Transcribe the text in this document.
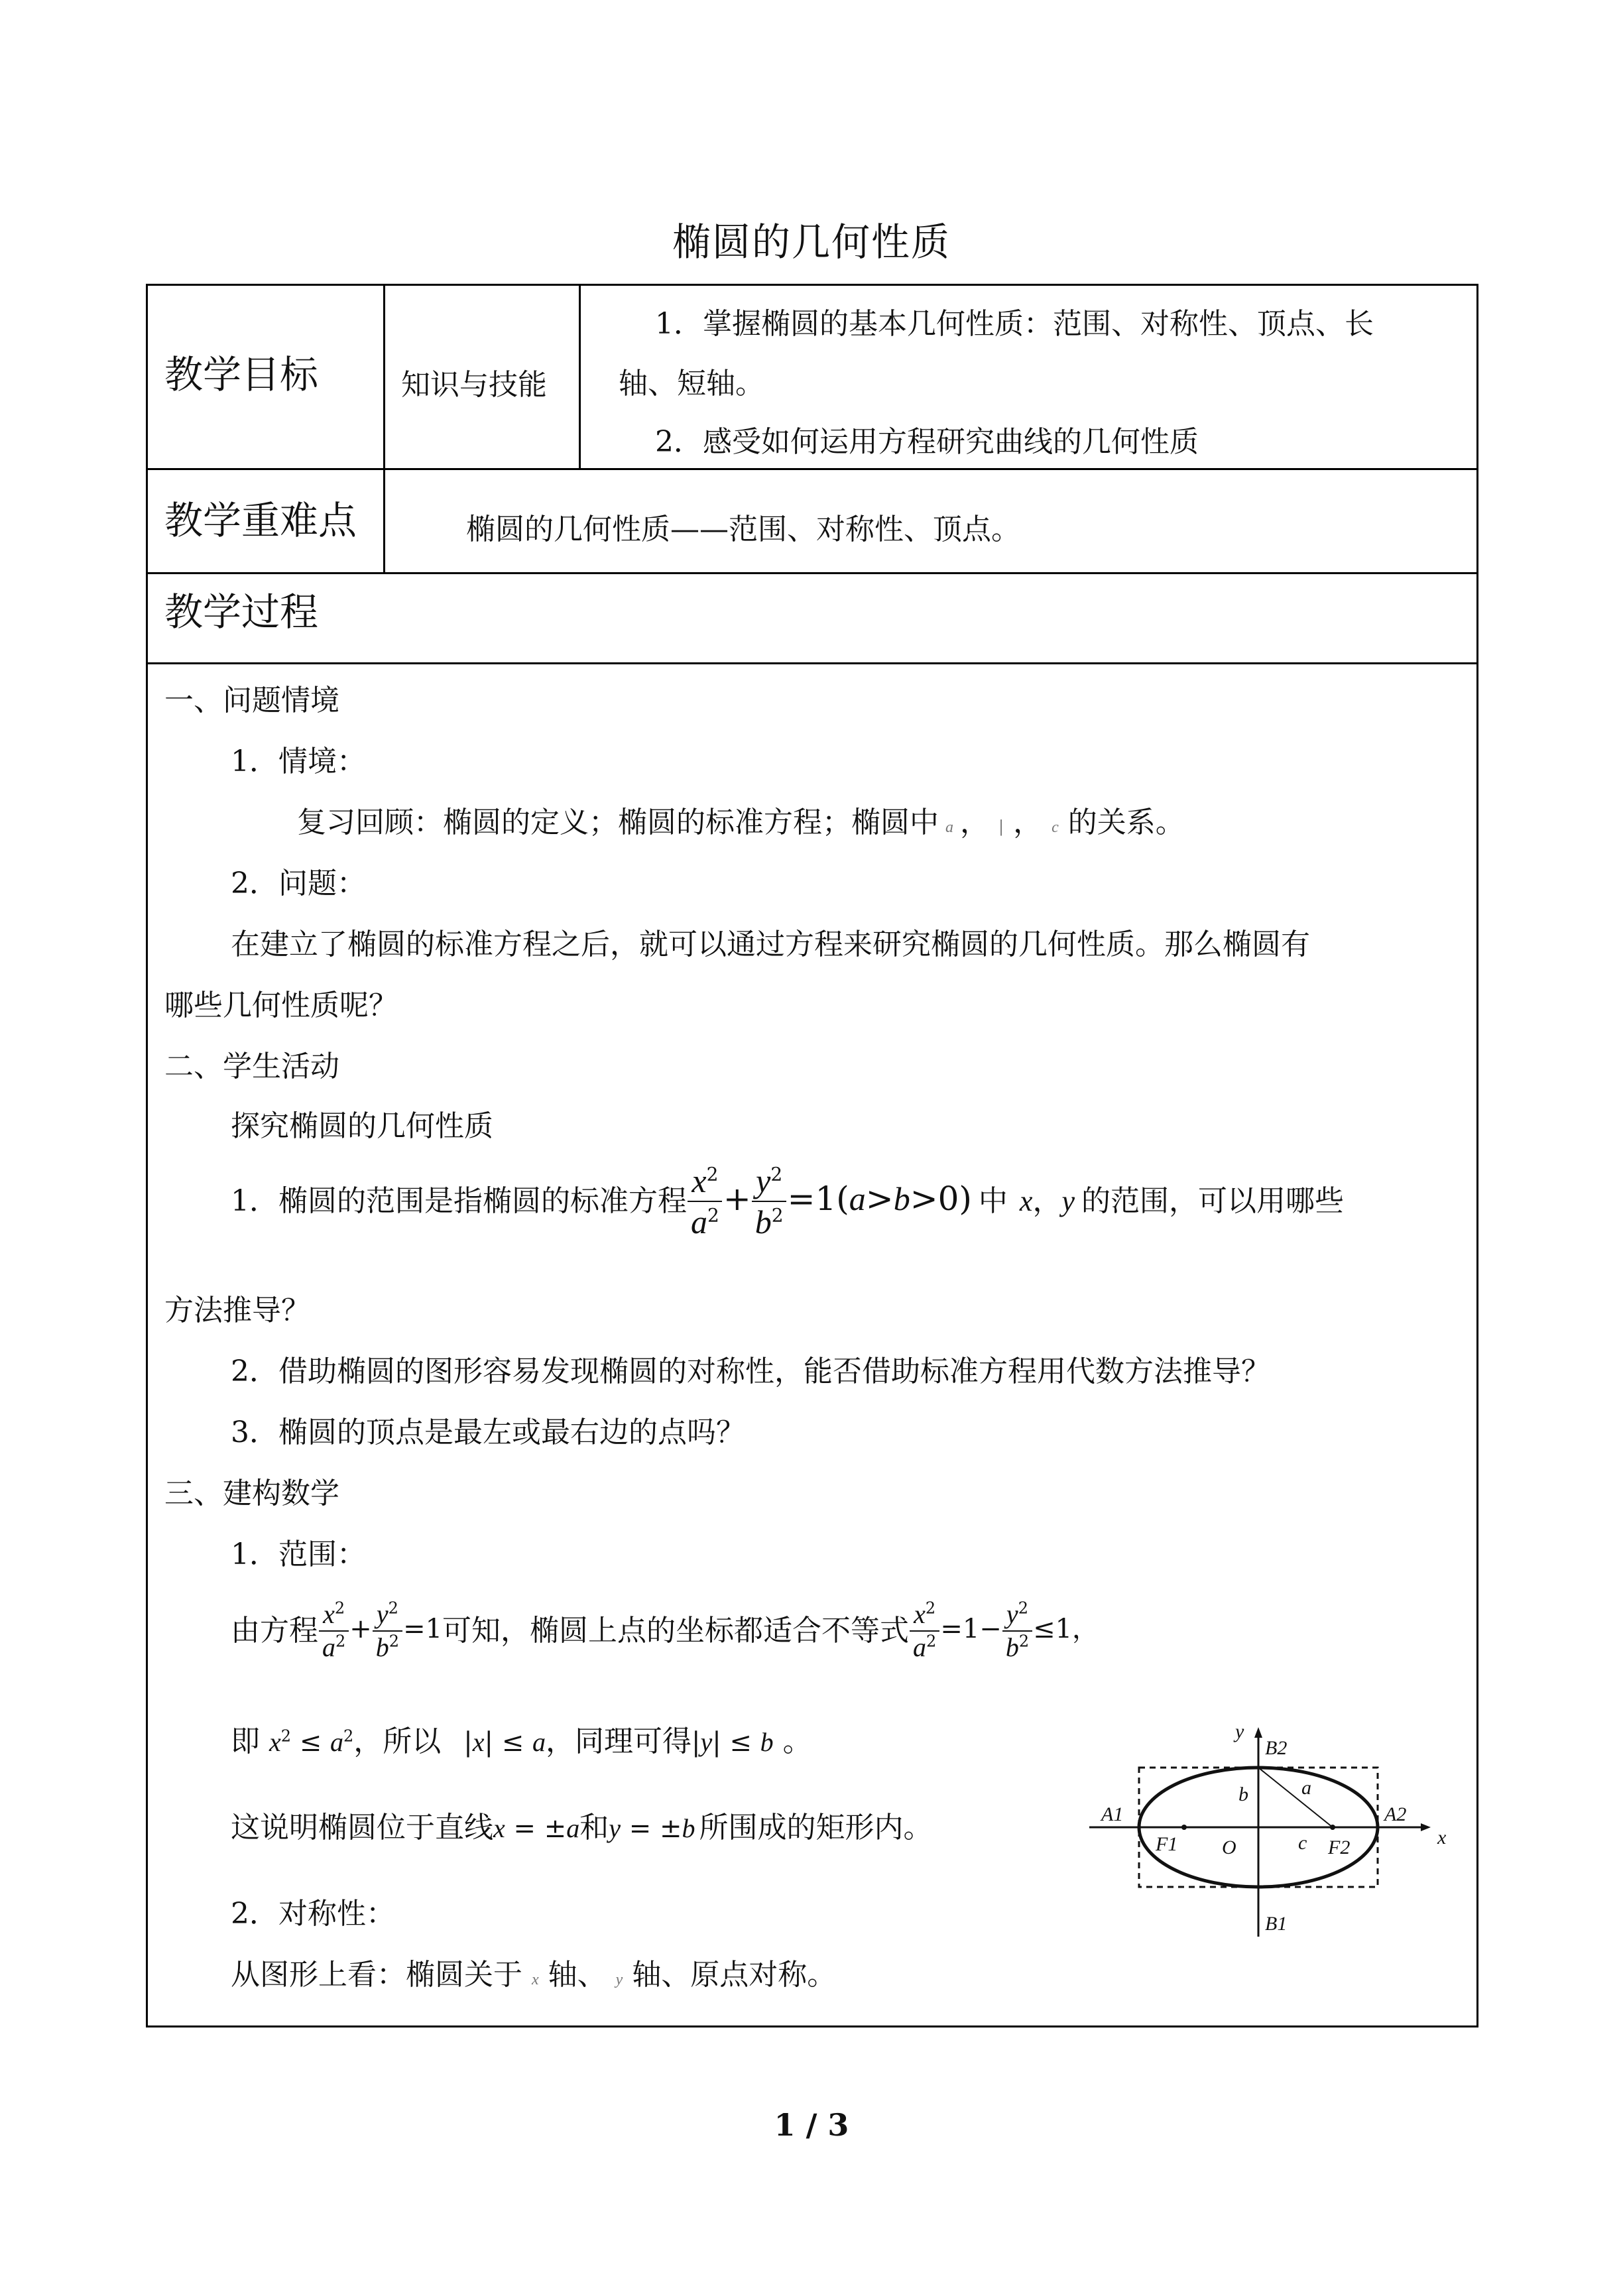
椭圆的几何性质
教学目标	知识与技能
1．掌握椭圆的基本几何性质：范围、对称性、顶点、长
轴、短轴。
2．感受如何运用方程研究曲线的几何性质
教学重难点	椭圆的几何性质——范围、对称性、顶点。
教学过程
一、问题情境
1．情境：
复习回顾：椭圆的定义；椭圆的标准方程；椭圆中 a ， | ， c 的关系。
2．问题：
在建立了椭圆的标准方程之后，就可以通过方程来研究椭圆的几何性质。那么椭圆有
哪些几何性质呢？
二、学生活动
探究椭圆的几何性质
1．椭圆的范围是指椭圆的标准方程 $\frac{x^2}{a^2} + \frac{y^2}{b^2} =1(a>b>0)$ 中 x，y 的范围，可以用哪些
方法推导？
2．借助椭圆的图形容易发现椭圆的对称性，能否借助标准方程用代数方法推导？
3．椭圆的顶点是最左或最右边的点吗？
三、建构数学
1．范围：
由方程 $\frac{x^2}{a^2} + \frac{y^2}{b^2} =1$ 可知，椭圆上点的坐标都适合不等式 $\frac{x^2}{a^2} =1- \frac{y^2}{b^2} \le 1$，
即 $x^2 \le a^2$，所以 |x| ≤ a，同理可得|y| ≤ b 。
这说明椭圆位于直线x = ±a和y = ±b 所围成的矩形内。
2．对称性：
从图形上看：椭圆关于 x 轴、 y 轴、原点对称。
y
x
B2
B1
A1	A2
F1	F2
O
a
b
c
1 / 3
